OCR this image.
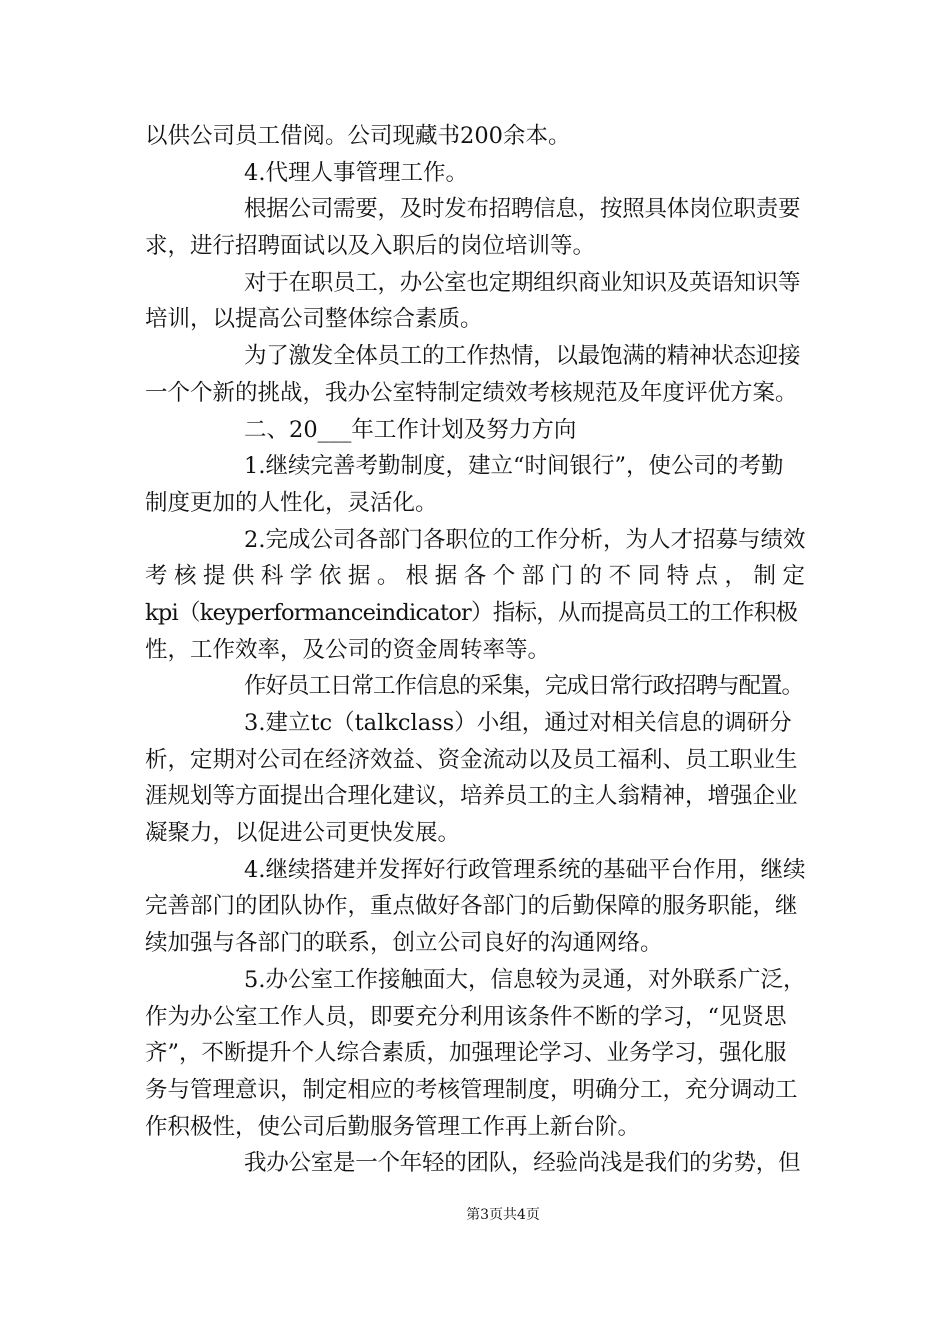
以供公司员工借阅。公司现藏书200余本。
4.代理人事管理工作。
根据公司需要，及时发布招聘信息，按照具体岗位职责要
求，进行招聘面试以及入职后的岗位培训等。
对于在职员工，办公室也定期组织商业知识及英语知识等
培训，以提高公司整体综合素质。
为了激发全体员工的工作热情，以最饱满的精神状态迎接
一个个新的挑战，我办公室特制定绩效考核规范及年度评优方案。
二、20___年工作计划及努力方向
1.继续完善考勤制度，建立“时间银行”，使公司的考勤
制度更加的人性化，灵活化。
2.完成公司各部门各职位的工作分析，为人才招募与绩效
考核提供科学依据。根据各个部门的不同特点，制定
kpi（keyperformanceindicator）指标，从而提高员工的工作积极
性，工作效率，及公司的资金周转率等。
作好员工日常工作信息的采集，完成日常行政招聘与配置。
3.建立tc（talkclass）小组，通过对相关信息的调研分
析，定期对公司在经济效益、资金流动以及员工福利、员工职业生
涯规划等方面提出合理化建议，培养员工的主人翁精神，增强企业
凝聚力，以促进公司更快发展。
4.继续搭建并发挥好行政管理系统的基础平台作用，继续
完善部门的团队协作，重点做好各部门的后勤保障的服务职能，继
续加强与各部门的联系，创立公司良好的沟通网络。
5.办公室工作接触面大，信息较为灵通，对外联系广泛，
作为办公室工作人员，即要充分利用该条件不断的学习，“见贤思
齐”，不断提升个人综合素质，加强理论学习、业务学习，强化服
务与管理意识，制定相应的考核管理制度，明确分工，充分调动工
作积极性，使公司后勤服务管理工作再上新台阶。
我办公室是一个年轻的团队，经验尚浅是我们的劣势，但
第3页共4页
